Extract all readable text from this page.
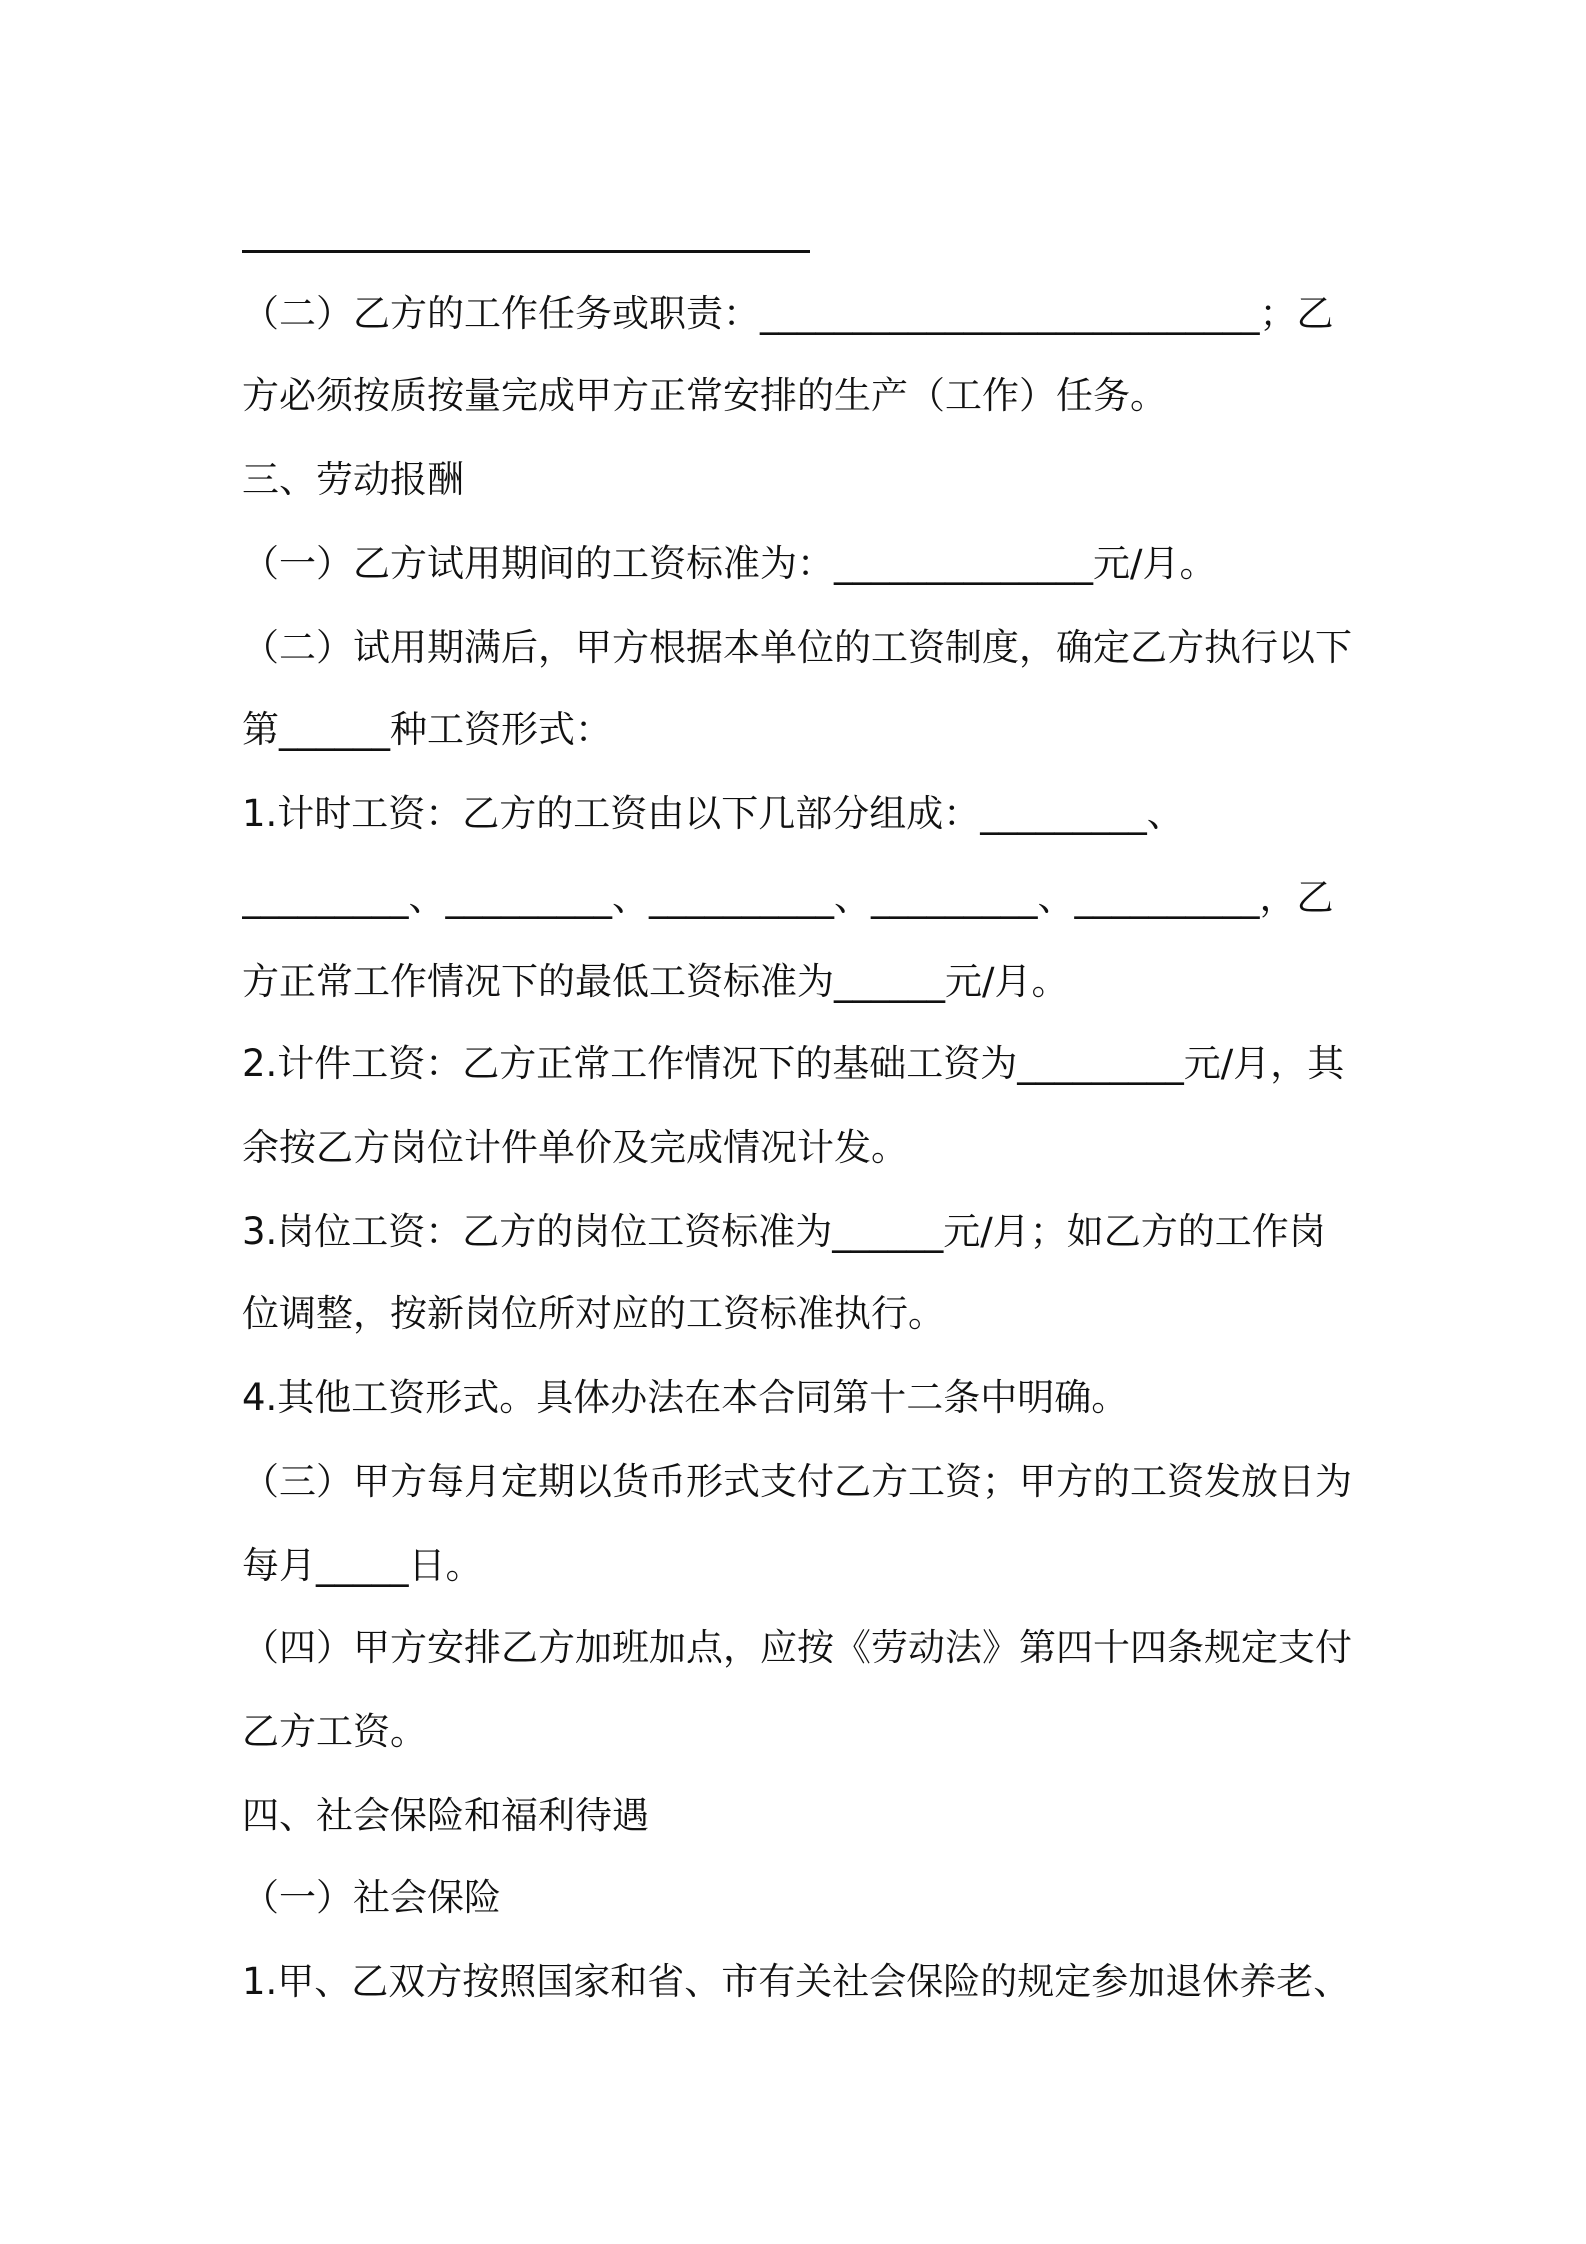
（二）乙方的工作任务或职责：___________________________；乙
方必须按质按量完成甲方正常安排的生产（工作）任务。
三、劳动报酬
（一）乙方试用期间的工资标准为：______________元/月。
（二）试用期满后，甲方根据本单位的工资制度，确定乙方执行以下
第______种工资形式：
1.计时工资：乙方的工资由以下几部分组成：_________、
_________、_________、__________、_________、__________，乙
方正常工作情况下的最低工资标准为______元/月。
2.计件工资：乙方正常工作情况下的基础工资为_________元/月，其
余按乙方岗位计件单价及完成情况计发。
3.岗位工资：乙方的岗位工资标准为______元/月；如乙方的工作岗
位调整，按新岗位所对应的工资标准执行。
4.其他工资形式。具体办法在本合同第十二条中明确。
（三）甲方每月定期以货币形式支付乙方工资；甲方的工资发放日为
每月_____日。
（四）甲方安排乙方加班加点，应按《劳动法》第四十四条规定支付
乙方工资。
四、社会保险和福利待遇
（一）社会保险
1.甲、乙双方按照国家和省、市有关社会保险的规定参加退休养老、
